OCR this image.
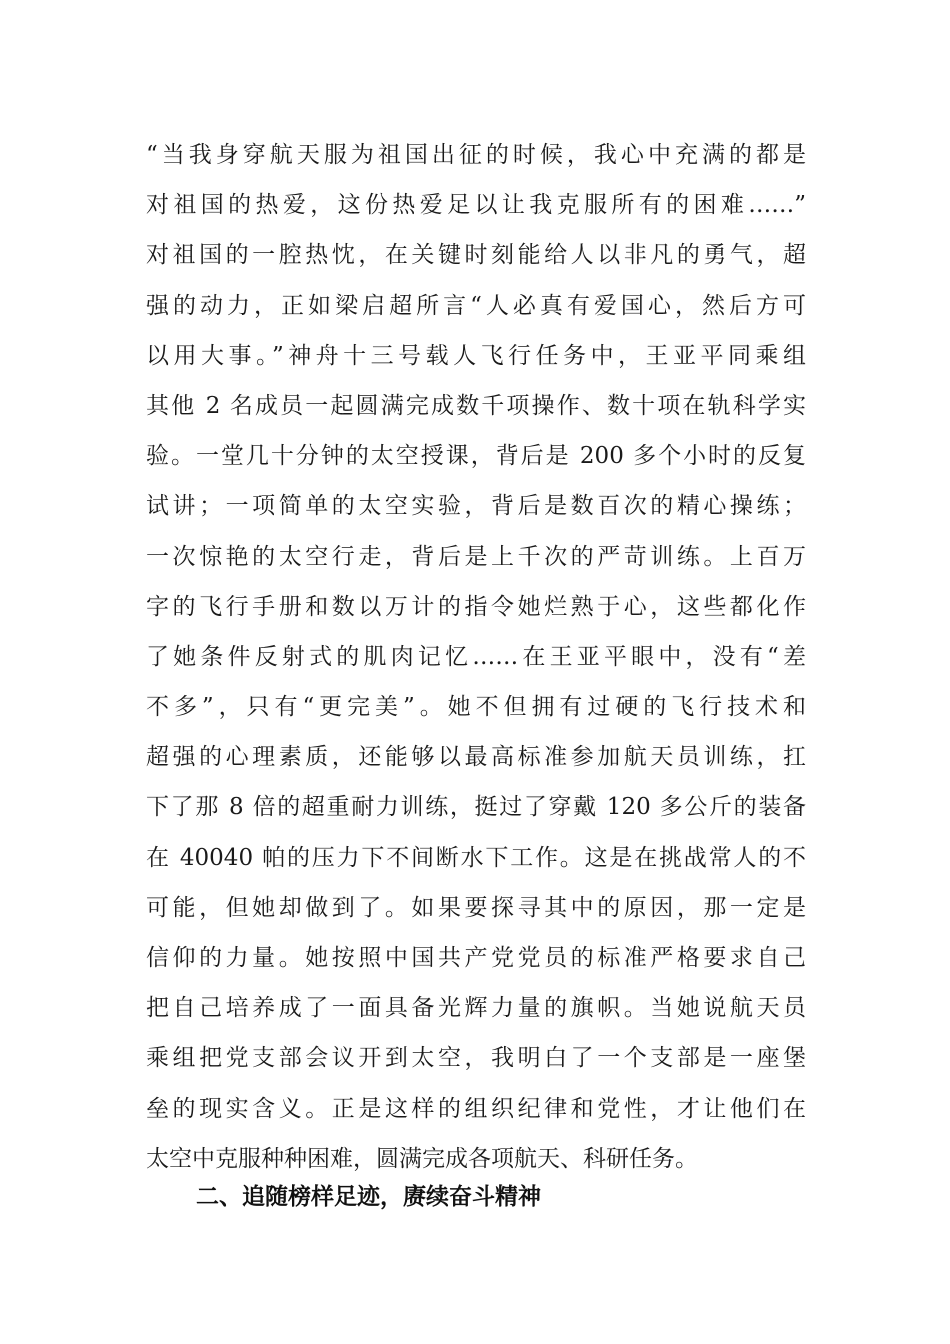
“当我身穿航天服为祖国出征的时候，我心中充满的都是
对祖国的热爱，这份热爱足以让我克服所有的困难……”
对祖国的一腔热忱，在关键时刻能给人以非凡的勇气，超
强的动力，正如梁启超所言“人必真有爱国心，然后方可
以用大事。”神舟十三号载人飞行任务中，王亚平同乘组
其他 2 名成员一起圆满完成数千项操作、数十项在轨科学实
验。一堂几十分钟的太空授课，背后是 200 多个小时的反复
试讲；一项简单的太空实验，背后是数百次的精心操练；
一次惊艳的太空行走，背后是上千次的严苛训练。上百万
字的飞行手册和数以万计的指令她烂熟于心，这些都化作
了她条件反射式的肌肉记忆……在王亚平眼中，没有“差
不多”，只有“更完美”。她不但拥有过硬的飞行技术和
超强的心理素质，还能够以最高标准参加航天员训练，扛
下了那 8 倍的超重耐力训练，挺过了穿戴 120 多公斤的装备
在 40040 帕的压力下不间断水下工作。这是在挑战常人的不
可能，但她却做到了。如果要探寻其中的原因，那一定是
信仰的力量。她按照中国共产党党员的标准严格要求自己
把自己培养成了一面具备光辉力量的旗帜。当她说航天员
乘组把党支部会议开到太空，我明白了一个支部是一座堡
垒的现实含义。正是这样的组织纪律和党性，才让他们在
太空中克服种种困难，圆满完成各项航天、科研任务。
二、追随榜样足迹，赓续奋斗精神
